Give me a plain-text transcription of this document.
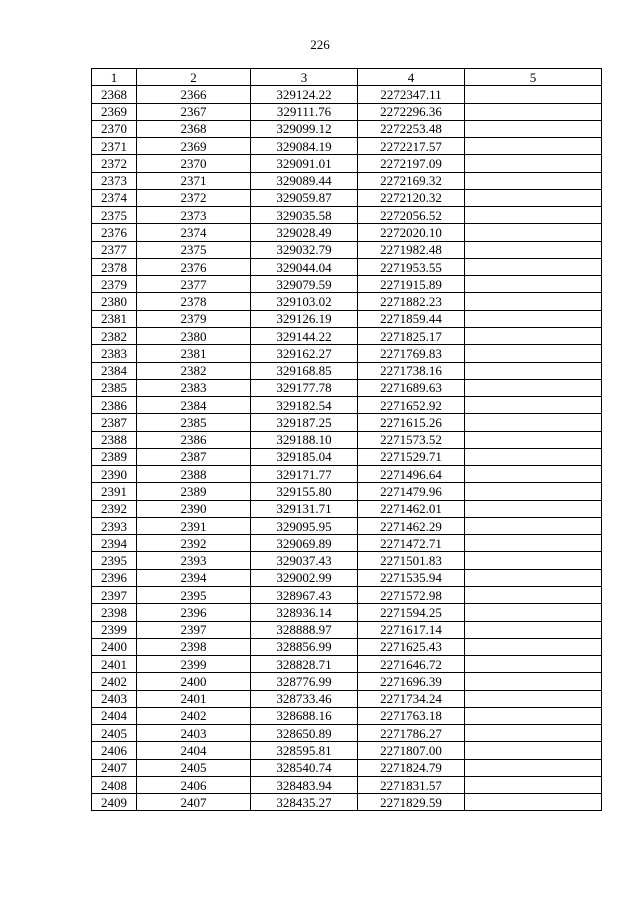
226
1	2	3	4	5
2368	2366	329124.22	2272347.11	
2369	2367	329111.76	2272296.36	
2370	2368	329099.12	2272253.48	
2371	2369	329084.19	2272217.57	
2372	2370	329091.01	2272197.09	
2373	2371	329089.44	2272169.32	
2374	2372	329059.87	2272120.32	
2375	2373	329035.58	2272056.52	
2376	2374	329028.49	2272020.10	
2377	2375	329032.79	2271982.48	
2378	2376	329044.04	2271953.55	
2379	2377	329079.59	2271915.89	
2380	2378	329103.02	2271882.23	
2381	2379	329126.19	2271859.44	
2382	2380	329144.22	2271825.17	
2383	2381	329162.27	2271769.83	
2384	2382	329168.85	2271738.16	
2385	2383	329177.78	2271689.63	
2386	2384	329182.54	2271652.92	
2387	2385	329187.25	2271615.26	
2388	2386	329188.10	2271573.52	
2389	2387	329185.04	2271529.71	
2390	2388	329171.77	2271496.64	
2391	2389	329155.80	2271479.96	
2392	2390	329131.71	2271462.01	
2393	2391	329095.95	2271462.29	
2394	2392	329069.89	2271472.71	
2395	2393	329037.43	2271501.83	
2396	2394	329002.99	2271535.94	
2397	2395	328967.43	2271572.98	
2398	2396	328936.14	2271594.25	
2399	2397	328888.97	2271617.14	
2400	2398	328856.99	2271625.43	
2401	2399	328828.71	2271646.72	
2402	2400	328776.99	2271696.39	
2403	2401	328733.46	2271734.24	
2404	2402	328688.16	2271763.18	
2405	2403	328650.89	2271786.27	
2406	2404	328595.81	2271807.00	
2407	2405	328540.74	2271824.79	
2408	2406	328483.94	2271831.57	
2409	2407	328435.27	2271829.59	
